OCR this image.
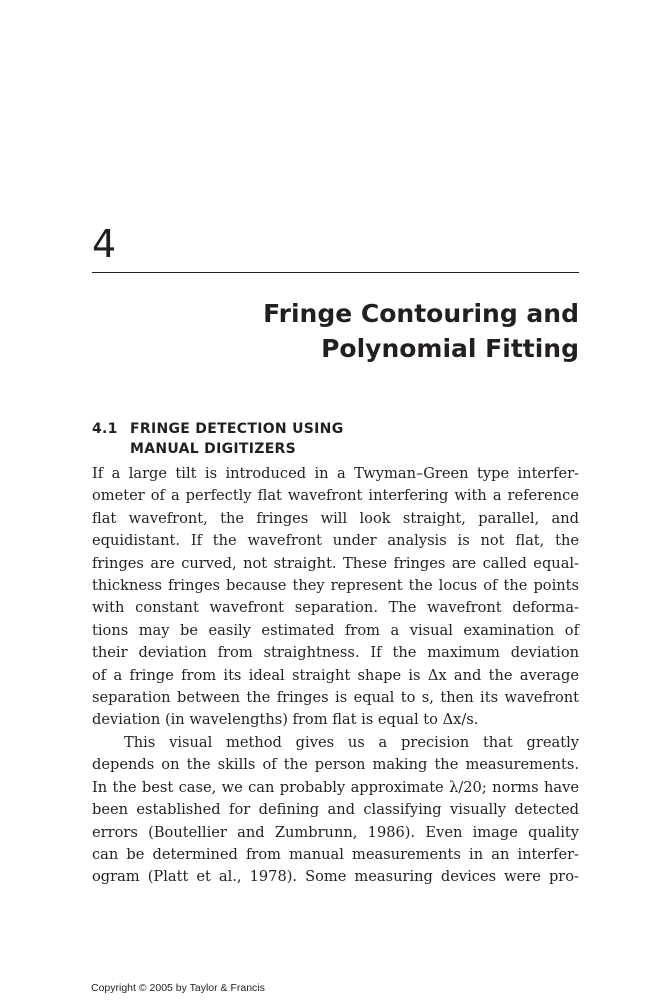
4
Fringe Contouring and
Polynomial Fitting
4.1 FRINGE DETECTION USING
MANUAL DIGITIZERS
If a large tilt is introduced in a Twyman–Green type interfer-
ometer of a perfectly flat wavefront interfering with a reference
flat wavefront, the fringes will look straight, parallel, and
equidistant. If the wavefront under analysis is not flat, the
fringes are curved, not straight. These fringes are called equal-
thickness fringes because they represent the locus of the points
with constant wavefront separation. The wavefront deforma-
tions may be easily estimated from a visual examination of
their deviation from straightness. If the maximum deviation
of a fringe from its ideal straight shape is Δx and the average
separation between the fringes is equal to s, then its wavefront
deviation (in wavelengths) from flat is equal to Δx/s.
This visual method gives us a precision that greatly
depends on the skills of the person making the measurements.
In the best case, we can probably approximate λ/20; norms have
been established for defining and classifying visually detected
errors (Boutellier and Zumbrunn, 1986). Even image quality
can be determined from manual measurements in an interfer-
ogram (Platt et al., 1978). Some measuring devices were pro-
Copyright © 2005 by Taylor & Francis
